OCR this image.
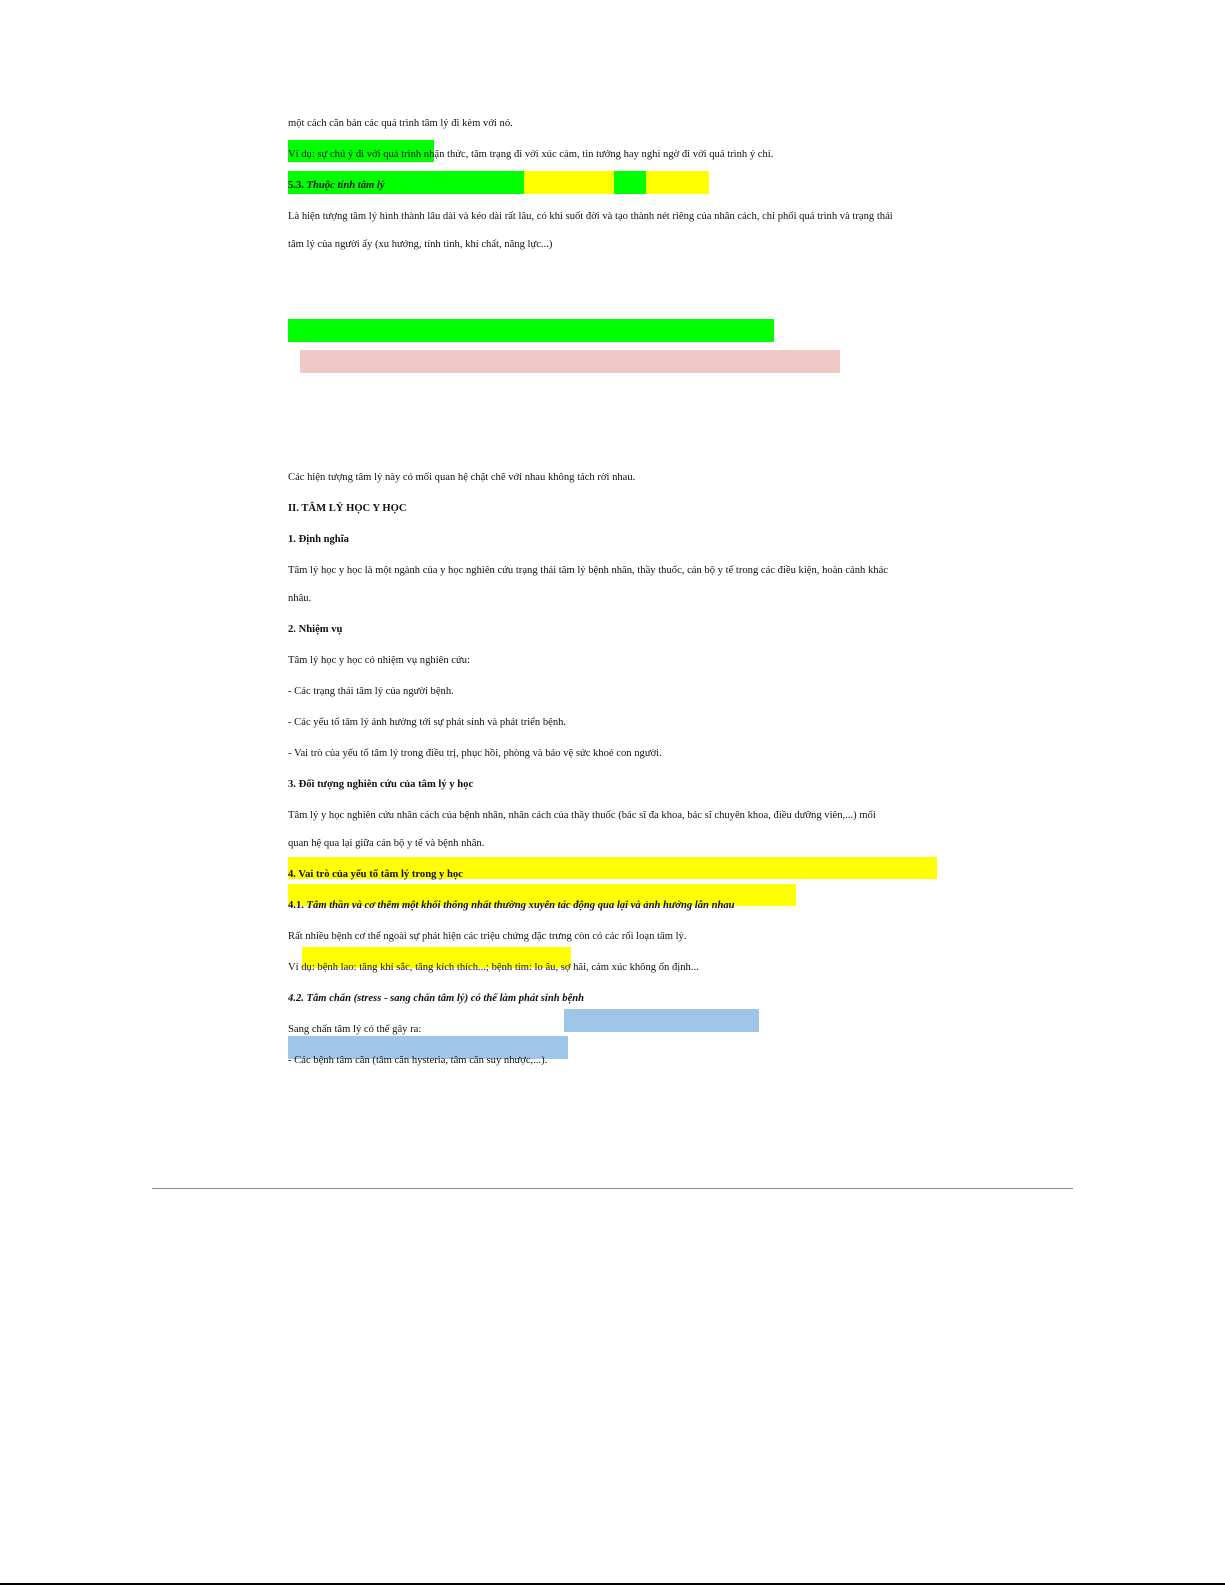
một cách căn bản các quá trình tâm lý đi kèm với nó.
Ví dụ: sự chú ý đi với quá trình nhận thức, tâm trạng đi với xúc cảm, tin tưởng hay nghi ngờ đi với quá trình ý chí.
5.3. Thuộc tính tâm lý
Là hiện tượng tâm lý hình thành lâu dài và kéo dài rất lâu, có khi suốt đời và tạo thành nét riêng của nhân cách, chi phối quá trình và trạng thái
tâm lý của người ấy (xu hướng, tính tình, khí chất, năng lực...)
Các hiện tượng tâm lý này có mối quan hệ chặt chẽ với nhau không tách rời nhau.
II. TÂM LÝ HỌC Y HỌC
1. Định nghĩa
Tâm lý học y học là một ngành của y học nghiên cứu trạng thái tâm lý bệnh nhân, thầy thuốc, cán bộ y tế trong các điều kiện, hoàn cảnh khác
nhâu.
2. Nhiệm vụ
Tâm lý học y học có nhiệm vụ nghiên cứu:
- Các trạng thái tâm lý của người bệnh.
- Các yếu tố tâm lý ảnh hưởng tới sự phát sinh và phát triển bệnh.
- Vai trò của yếu tố tâm lý trong điều trị, phục hồi, phòng và bảo vệ sức khoẻ con người.
3. Đối tượng nghiên cứu của tâm lý y học
Tâm lý y học nghiên cứu nhân cách của bệnh nhân, nhân cách của thầy thuốc (bác sĩ đa khoa, bác sĩ chuyên khoa, điều dưỡng viên,...) mối
quan hệ qua lại giữa cán bộ y tế và bệnh nhân.
4. Vai trò của yếu tố tâm lý trong y học
4.1. Tâm thần và cơ thêm một khối thống nhất thường xuyên tác động qua lại và ảnh hưởng lẫn nhau
Rất nhiều bệnh cơ thể ngoài sự phát hiện các triệu chứng đặc trưng còn có các rối loạn tâm lý.
Ví dụ: bệnh lao: tăng khí sắc, tăng kích thích...; bệnh tim: lo âu, sợ hãi, cảm xúc không ổn định...
4.2. Tâm chấn (stress - sang chấn tâm lý) có thể làm phát sinh bệnh
Sang chấn tâm lý có thể gây ra:
- Các bệnh tâm căn (tâm căn hysteria, tâm căn suy nhược,...).
